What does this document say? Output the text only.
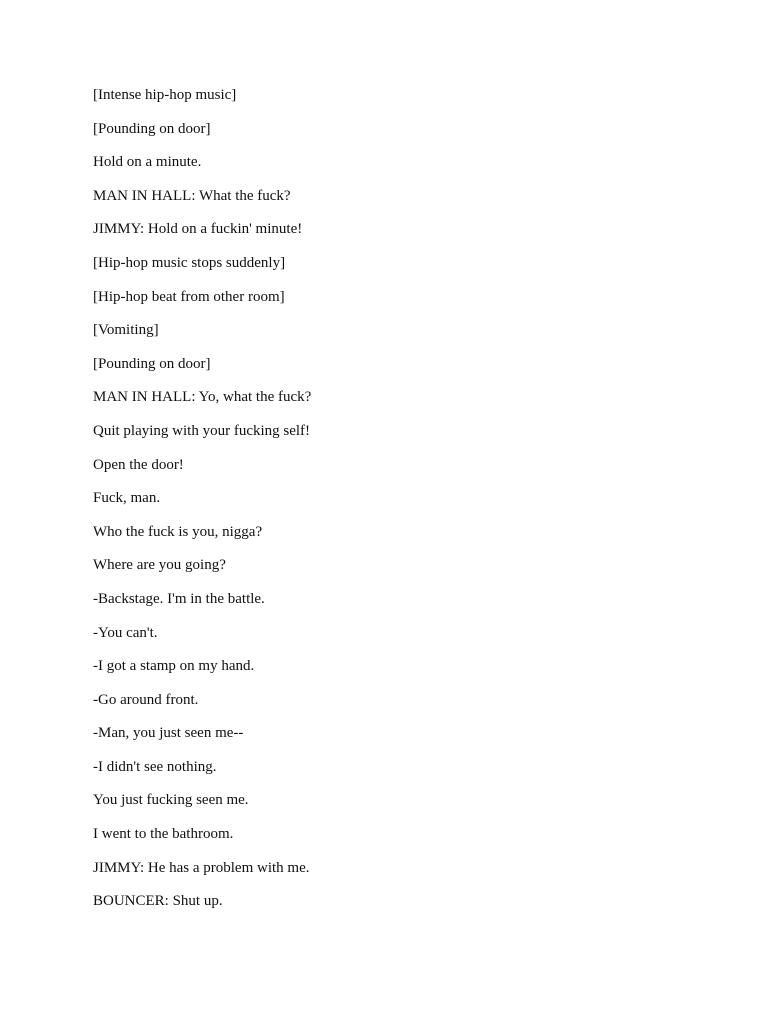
[Intense hip-hop music]
[Pounding on door]
Hold on a minute.
MAN IN HALL: What the fuck?
JIMMY: Hold on a fuckin' minute!
[Hip-hop music stops suddenly]
[Hip-hop beat from other room]
[Vomiting]
[Pounding on door]
MAN IN HALL: Yo, what the fuck?
Quit playing with your fucking self!
Open the door!
Fuck, man.
Who the fuck is you, nigga?
Where are you going?
-Backstage. I'm in the battle.
-You can't.
-I got a stamp on my hand.
-Go around front.
-Man, you just seen me--
-I didn't see nothing.
You just fucking seen me.
I went to the bathroom.
JIMMY: He has a problem with me.
BOUNCER: Shut up.
